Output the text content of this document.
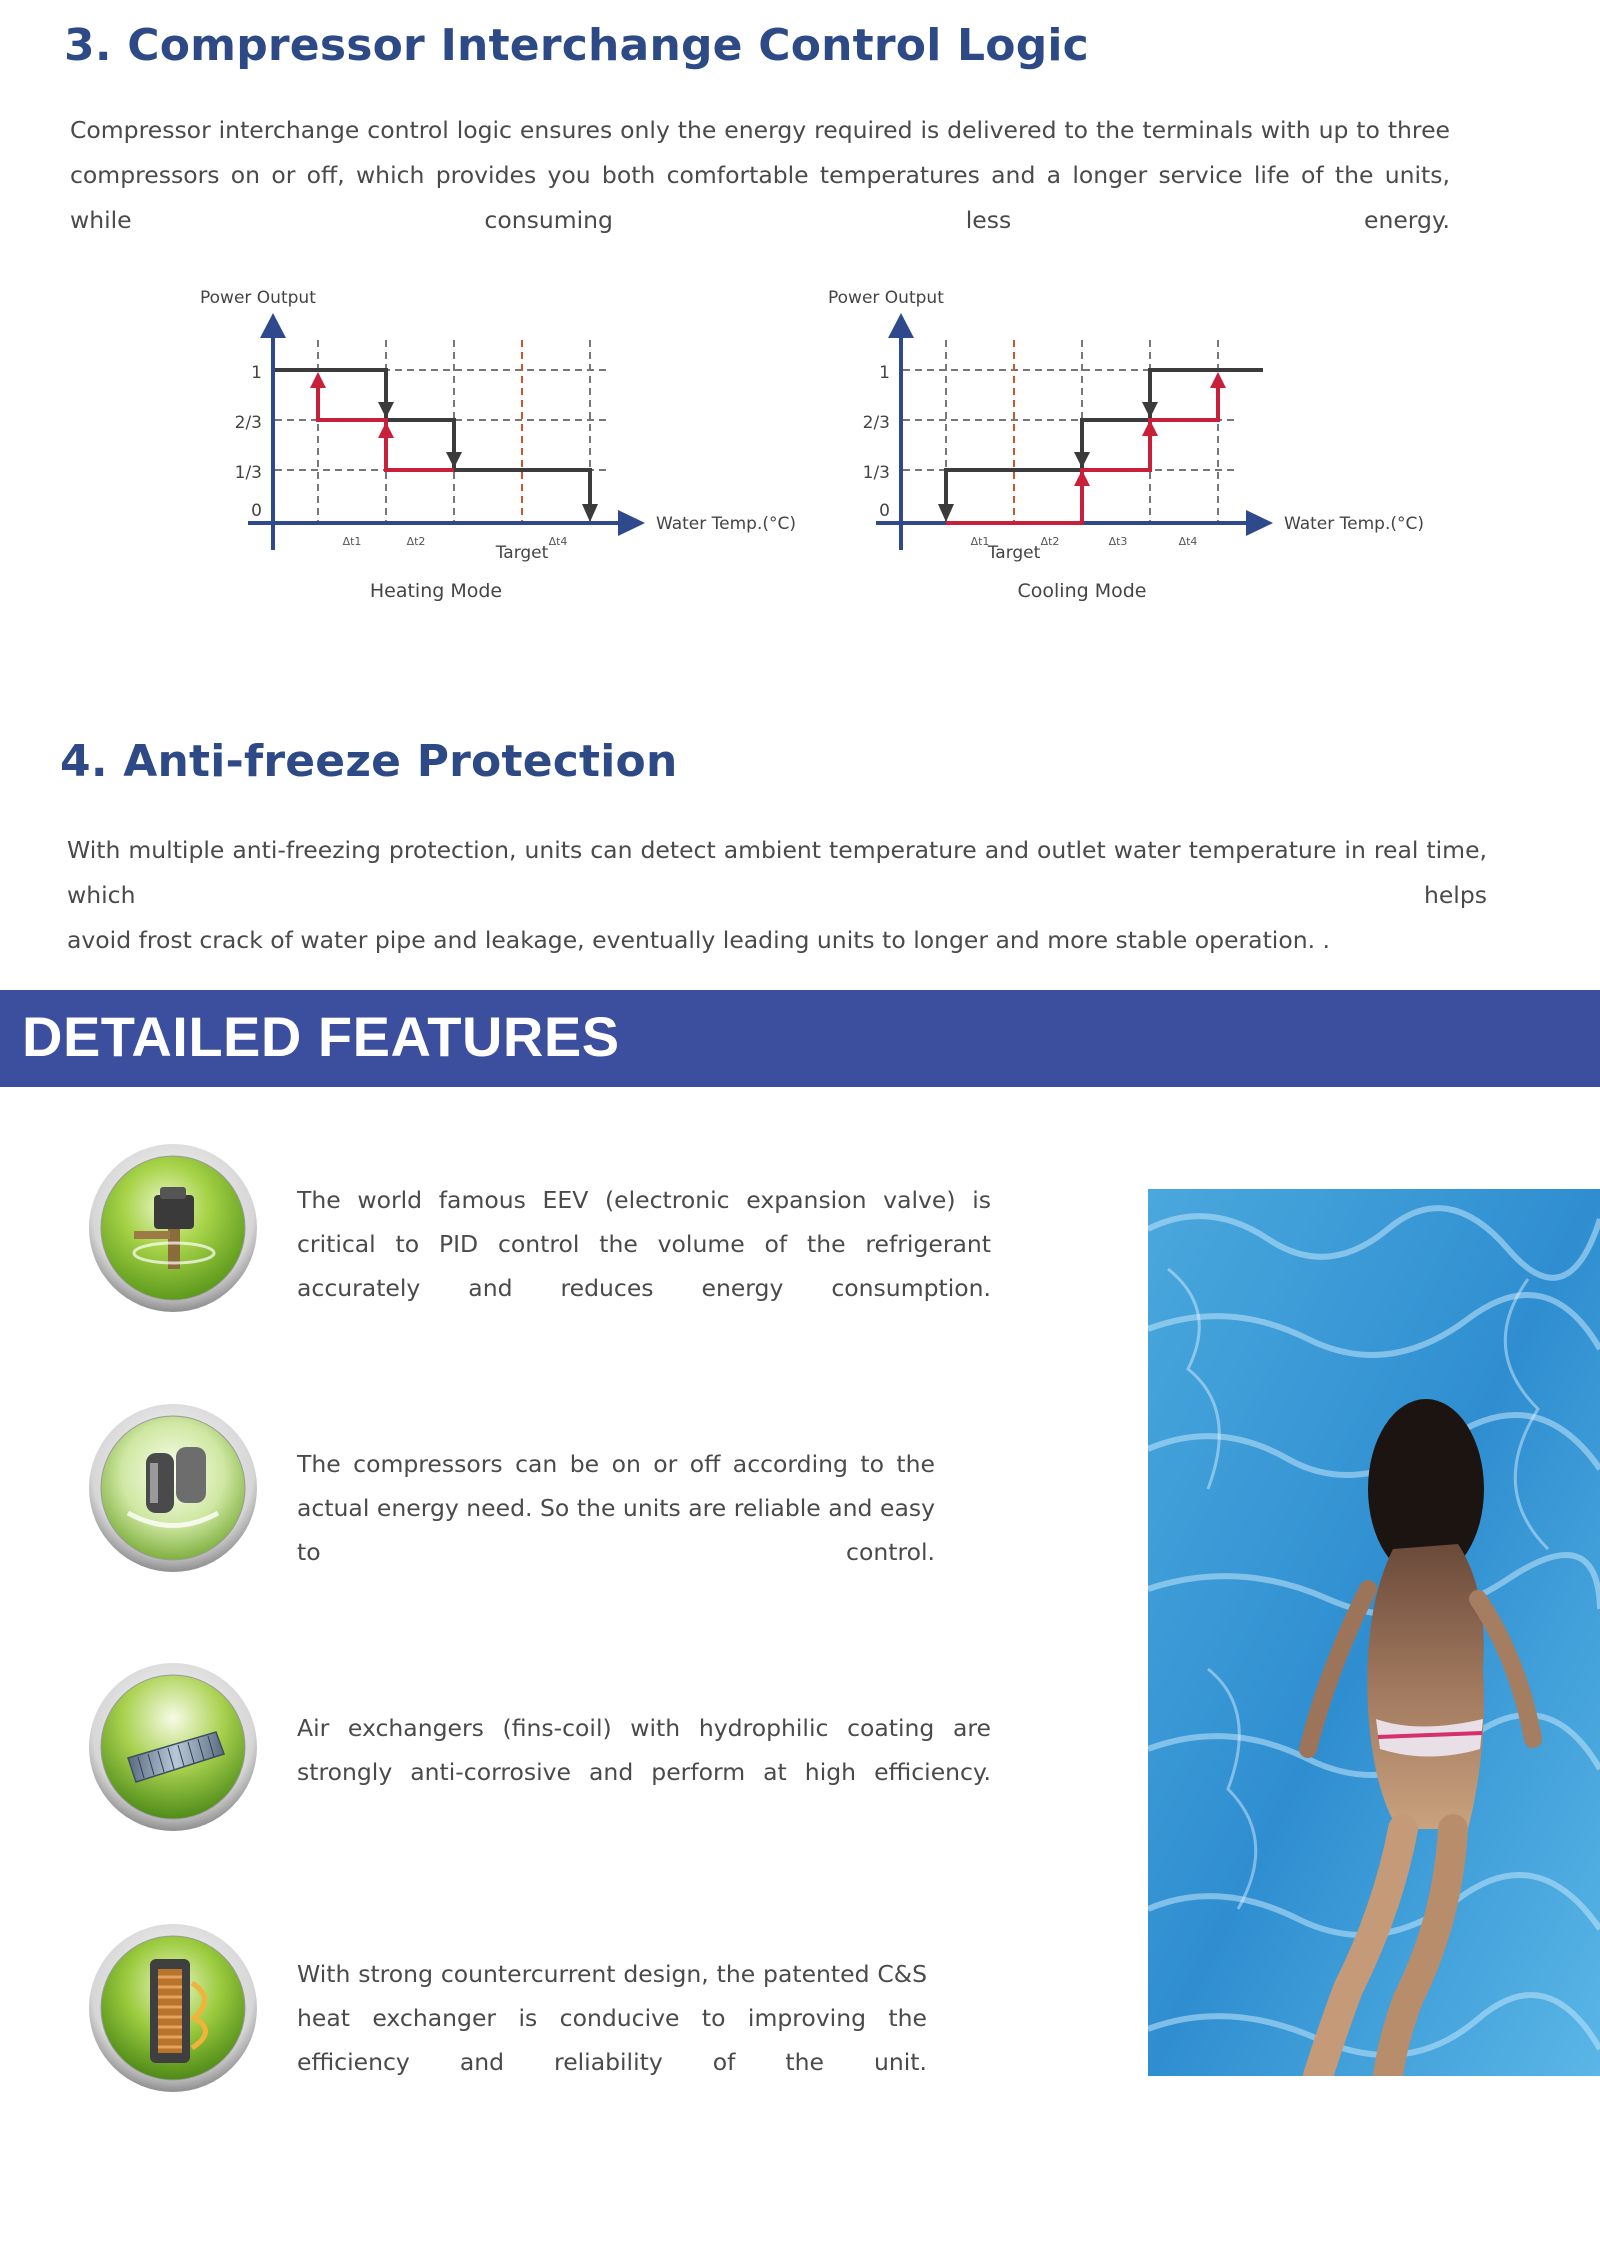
3. Compressor Interchange Control Logic

Compressor interchange control logic ensures only the energy required is delivered to the terminals with up to three compressors on or off, which provides you both comfortable temperatures and a longer service life of the units, while consuming less energy.

Power Output
1
2/3
1/3
0
Δt1	Δt2
Target
Δt4
Water Temp.(°C)
Heating Mode
Power Output
1
2/3
1/3
0
Δt1
Target
Δt2	Δt3	Δt4
Water Temp.(°C)
Cooling Mode
4. Anti-freeze Protection

With multiple anti-freezing protection, units can detect ambient temperature and outlet water temperature in real time, which helps
avoid frost crack of water pipe and leakage, eventually leading units to longer and more stable operation. .

DETAILED FEATURES

The world famous EEV (electronic expansion valve) is critical to PID control the volume of the refrigerant accurately and reduces energy consumption.

The compressors can be on or off according to the actual energy need. So the units are reliable and easy to control.

Air exchangers (fins-coil) with hydrophilic coating are strongly anti-corrosive and perform at high efficiency.

With strong countercurrent design, the patented C&S heat exchanger is conducive to improving the efficiency and reliability of the unit.
